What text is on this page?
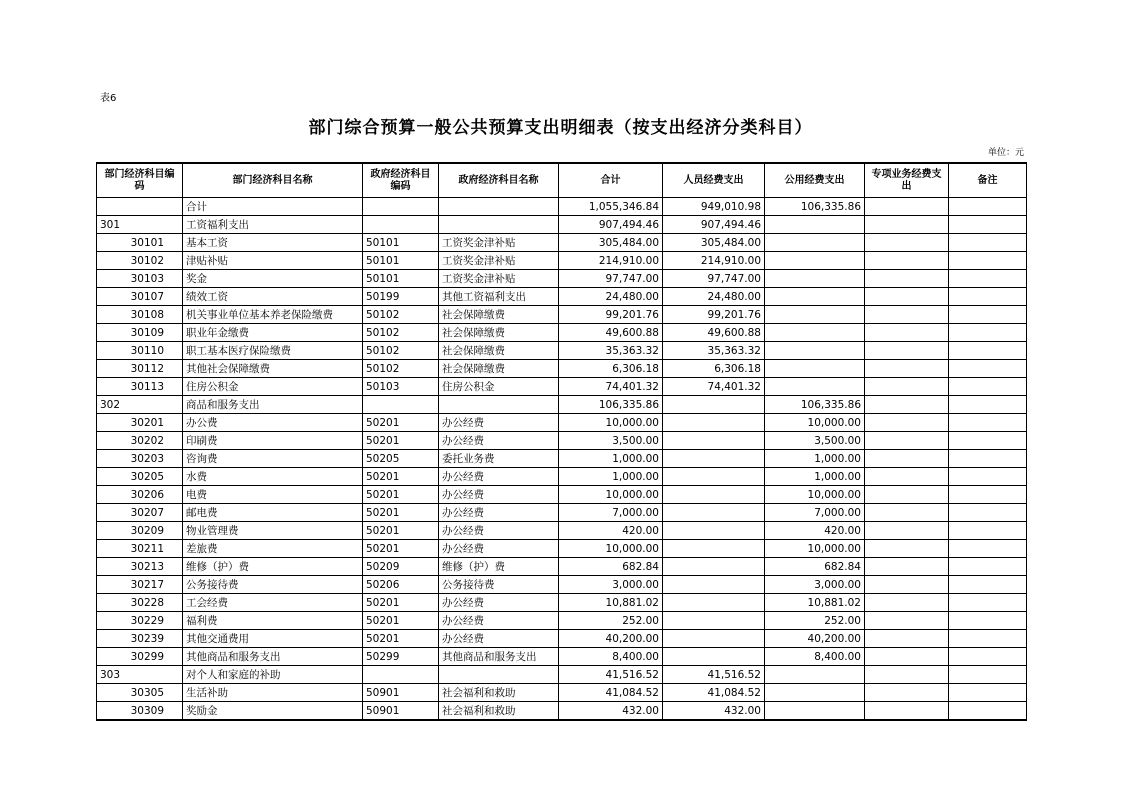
表6
部门综合预算一般公共预算支出明细表（按支出经济分类科目）
单位：元
部门经济科目编码	部门经济科目名称	政府经济科目编码	政府经济科目名称	合计	人员经费支出	公用经费支出	专项业务经费支出	备注
	合计			1,055,346.84	949,010.98	106,335.86		
301	工资福利支出			907,494.46	907,494.46			
30101	基本工资	50101	工资奖金津补贴	305,484.00	305,484.00			
30102	津贴补贴	50101	工资奖金津补贴	214,910.00	214,910.00			
30103	奖金	50101	工资奖金津补贴	97,747.00	97,747.00			
30107	绩效工资	50199	其他工资福利支出	24,480.00	24,480.00			
30108	机关事业单位基本养老保险缴费	50102	社会保障缴费	99,201.76	99,201.76			
30109	职业年金缴费	50102	社会保障缴费	49,600.88	49,600.88			
30110	职工基本医疗保险缴费	50102	社会保障缴费	35,363.32	35,363.32			
30112	其他社会保障缴费	50102	社会保障缴费	6,306.18	6,306.18			
30113	住房公积金	50103	住房公积金	74,401.32	74,401.32			
302	商品和服务支出			106,335.86		106,335.86		
30201	办公费	50201	办公经费	10,000.00		10,000.00		
30202	印刷费	50201	办公经费	3,500.00		3,500.00		
30203	咨询费	50205	委托业务费	1,000.00		1,000.00		
30205	水费	50201	办公经费	1,000.00		1,000.00		
30206	电费	50201	办公经费	10,000.00		10,000.00		
30207	邮电费	50201	办公经费	7,000.00		7,000.00		
30209	物业管理费	50201	办公经费	420.00		420.00		
30211	差旅费	50201	办公经费	10,000.00		10,000.00		
30213	维修（护）费	50209	维修（护）费	682.84		682.84		
30217	公务接待费	50206	公务接待费	3,000.00		3,000.00		
30228	工会经费	50201	办公经费	10,881.02		10,881.02		
30229	福利费	50201	办公经费	252.00		252.00		
30239	其他交通费用	50201	办公经费	40,200.00		40,200.00		
30299	其他商品和服务支出	50299	其他商品和服务支出	8,400.00		8,400.00		
303	对个人和家庭的补助			41,516.52	41,516.52			
30305	生活补助	50901	社会福利和救助	41,084.52	41,084.52			
30309	奖励金	50901	社会福利和救助	432.00	432.00			
